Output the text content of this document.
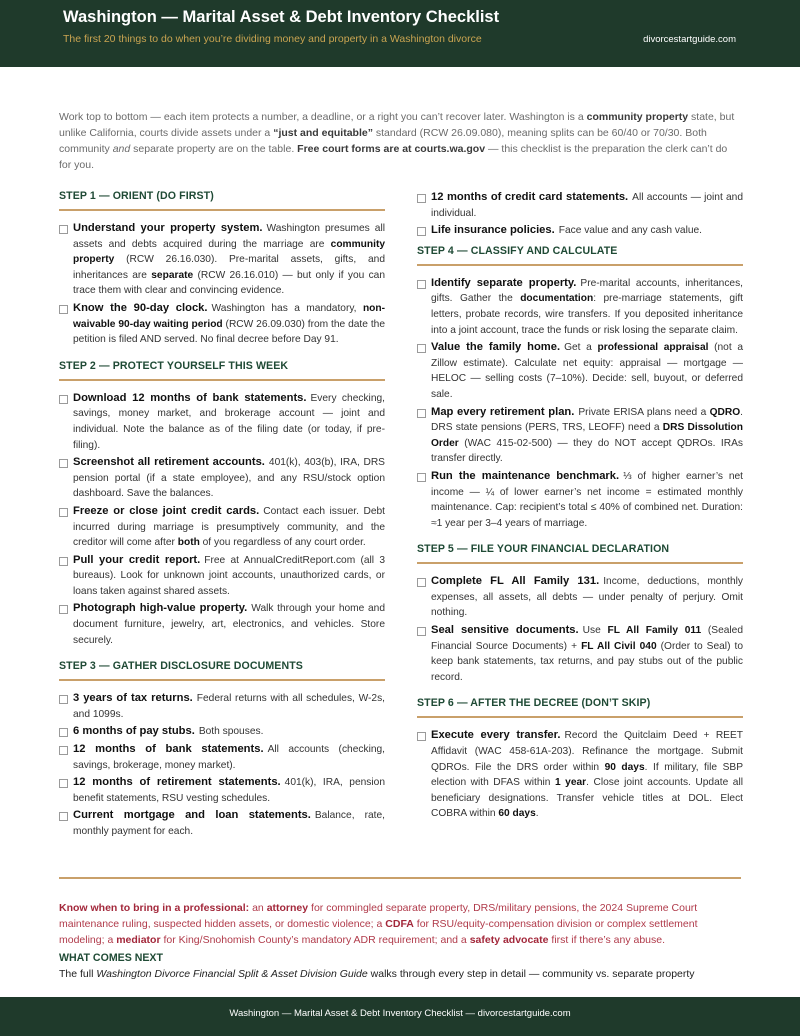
Washington — Marital Asset & Debt Inventory Checklist
The first 20 things to do when you’re dividing money and property in a Washington divorce	divorcestartguide.com
Work top to bottom — each item protects a number, a deadline, or a right you can’t recover later. Washington is a community property state, but unlike California, courts divide assets under a “just and equitable” standard (RCW 26.09.080), meaning splits can be 60/40 or 70/30. Both community and separate property are on the table. Free court forms are at courts.wa.gov — this checklist is the preparation the clerk can’t do for you.
STEP 1 — ORIENT (DO FIRST)
Understand your property system. Washington presumes all assets and debts acquired during the marriage are community property (RCW 26.16.030). Pre-marital assets, gifts, and inheritances are separate (RCW 26.16.010) — but only if you can trace them with clear and convincing evidence.
Know the 90-day clock. Washington has a mandatory, non-waivable 90-day waiting period (RCW 26.09.030) from the date the petition is filed AND served. No final decree before Day 91.
STEP 2 — PROTECT YOURSELF THIS WEEK
Download 12 months of bank statements. Every checking, savings, money market, and brokerage account — joint and individual. Note the balance as of the filing date (or today, if pre-filing).
Screenshot all retirement accounts. 401(k), 403(b), IRA, DRS pension portal (if a state employee), and any RSU/stock option dashboard. Save the balances.
Freeze or close joint credit cards. Contact each issuer. Debt incurred during marriage is presumptively community, and the creditor will come after both of you regardless of any court order.
Pull your credit report. Free at AnnualCreditReport.com (all 3 bureaus). Look for unknown joint accounts, unauthorized cards, or loans taken against shared assets.
Photograph high-value property. Walk through your home and document furniture, jewelry, art, electronics, and vehicles. Store securely.
STEP 3 — GATHER DISCLOSURE DOCUMENTS
3 years of tax returns. Federal returns with all schedules, W-2s, and 1099s.
6 months of pay stubs. Both spouses.
12 months of bank statements. All accounts (checking, savings, brokerage, money market).
12 months of retirement statements. 401(k), IRA, pension benefit statements, RSU vesting schedules.
Current mortgage and loan statements. Balance, rate, monthly payment for each.
12 months of credit card statements. All accounts — joint and individual.
Life insurance policies. Face value and any cash value.
STEP 4 — CLASSIFY AND CALCULATE
Identify separate property. Pre-marital accounts, inheritances, gifts. Gather the documentation: pre-marriage statements, gift letters, probate records, wire transfers. If you deposited inheritance into a joint account, trace the funds or risk losing the separate claim.
Value the family home. Get a professional appraisal (not a Zillow estimate). Calculate net equity: appraisal — mortgage — HELOC — selling costs (7–10%). Decide: sell, buyout, or deferred sale.
Map every retirement plan. Private ERISA plans need a QDRO. DRS state pensions (PERS, TRS, LEOFF) need a DRS Dissolution Order (WAC 415-02-500) — they do NOT accept QDROs. IRAs transfer directly.
Run the maintenance benchmark. ⅓ of higher earner’s net income — ¼ of lower earner’s net income = estimated monthly maintenance. Cap: recipient’s total ≤ 40% of combined net. Duration: ≈1 year per 3–4 years of marriage.
STEP 5 — FILE YOUR FINANCIAL DECLARATION
Complete FL All Family 131. Income, deductions, monthly expenses, all assets, all debts — under penalty of perjury. Omit nothing.
Seal sensitive documents. Use FL All Family 011 (Sealed Financial Source Documents) + FL All Civil 040 (Order to Seal) to keep bank statements, tax returns, and pay stubs out of the public record.
STEP 6 — AFTER THE DECREE (DON’T SKIP)
Execute every transfer. Record the Quitclaim Deed + REET Affidavit (WAC 458-61A-203). Refinance the mortgage. Submit QDROs. File the DRS order within 90 days. If military, file SBP election with DFAS within 1 year. Close joint accounts. Update all beneficiary designations. Transfer vehicle titles at DOL. Elect COBRA within 60 days.
Know when to bring in a professional: an attorney for commingled separate property, DRS/military pensions, the 2024 Supreme Court maintenance ruling, suspected hidden assets, or domestic violence; a CDFA for RSU/equity-compensation division or complex settlement modeling; a mediator for King/Snohomish County’s mandatory ADR requirement; and a safety advocate first if there’s any abuse.
WHAT COMES NEXT
The full Washington Divorce Financial Split & Asset Division Guide walks through every step in detail — community vs. separate property
Washington — Marital Asset & Debt Inventory Checklist — divorcestartguide.com
